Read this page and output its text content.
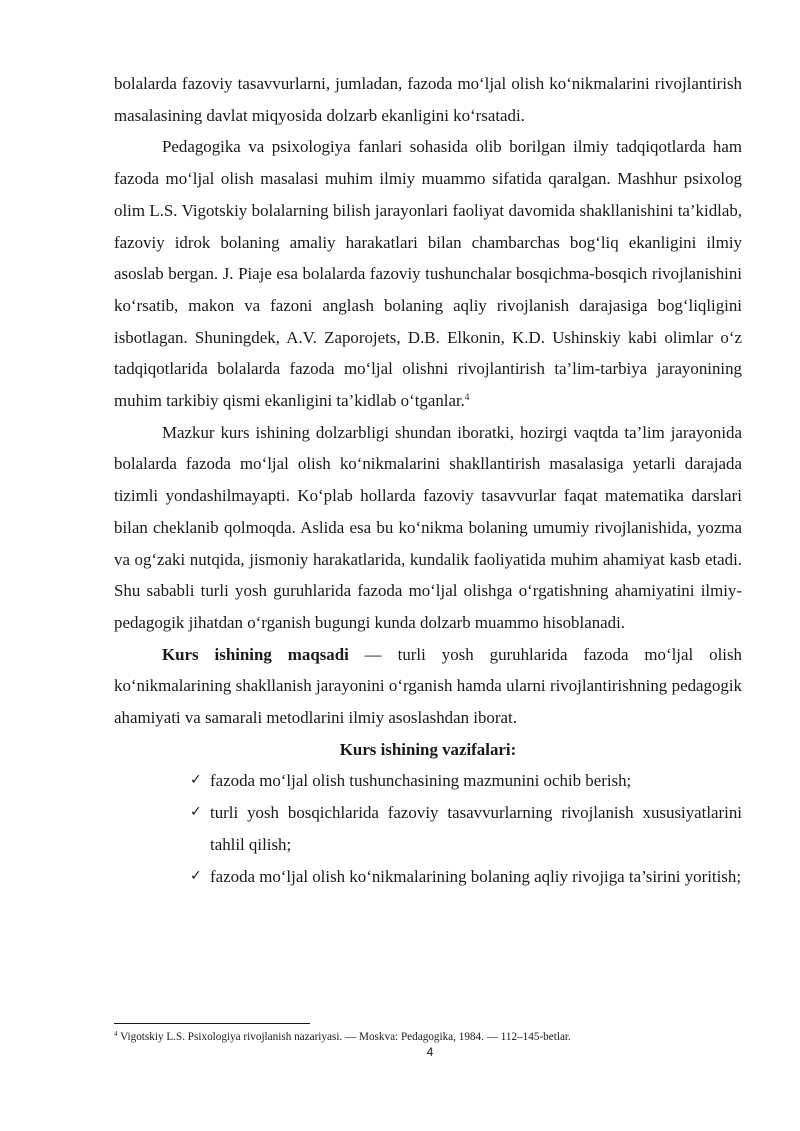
bolalarda fazoviy tasavvurlarni, jumladan, fazoda mo‘ljal olish ko‘nikmalarini rivojlantirish masalasining davlat miqyosida dolzarb ekanligini ko‘rsatadi.

Pedagogika va psixologiya fanlari sohasida olib borilgan ilmiy tadqiqotlarda ham fazoda mo‘ljal olish masalasi muhim ilmiy muammo sifatida qaralgan. Mashhur psixolog olim L.S. Vigotskiy bolalarning bilish jarayonlari faoliyat davomida shakllanishini ta’kidlab, fazoviy idrok bolaning amaliy harakatlari bilan chambarchas bog‘liq ekanligini ilmiy asoslab bergan. J. Piaje esa bolalarda fazoviy tushunchalar bosqichma-bosqich rivojlanishini ko‘rsatib, makon va fazoni anglash bolaning aqliy rivojlanish darajasiga bog‘liqligini isbotlagan. Shuningdek, A.V. Zaporojets, D.B. Elkonin, K.D. Ushinskiy kabi olimlar o‘z tadqiqotlarida bolalarda fazoda mo‘ljal olishni rivojlantirish ta’lim-tarbiya jarayonining muhim tarkibiy qismi ekanligini ta’kidlab o‘tganlar.$^4$

Mazkur kurs ishining dolzarbligi shundan iboratki, hozirgi vaqtda ta’lim jarayonida bolalarda fazoda mo‘ljal olish ko‘nikmalarini shakllantirish masalasiga yetarli darajada tizimli yondashilmayapti. Ko‘plab hollarda fazoviy tasavvurlar faqat matematika darslari bilan cheklanib qolmoqda. Aslida esa bu ko‘nikma bolaning umumiy rivojlanishida, yozma va og‘zaki nutqida, jismoniy harakatlarida, kundalik faoliyatida muhim ahamiyat kasb etadi. Shu sababli turli yosh guruhlarida fazoda mo‘ljal olishga o‘rgatishning ahamiyatini ilmiy-pedagogik jihatdan o‘rganish bugungi kunda dolzarb muammo hisoblanadi.

Kurs ishining maqsadi — turli yosh guruhlarida fazoda mo‘ljal olish ko‘nikmalarining shakllanish jarayonini o‘rganish hamda ularni rivojlantirishning pedagogik ahamiyati va samarali metodlarini ilmiy asoslashdan iborat.

Kurs ishining vazifalari:

✓ fazoda mo‘ljal olish tushunchasining mazmunini ochib berish;
✓ turli yosh bosqichlarida fazoviy tasavvurlarning rivojlanish xususiyatlarini tahlil qilish;
✓ fazoda mo‘ljal olish ko‘nikmalarining bolaning aqliy rivojiga ta’sirini yoritish;
$^4$ Vigotskiy L.S. Psixologiya rivojlanish nazariyasi. — Moskva: Pedagogika, 1984. — 112–145-betlar.
4
